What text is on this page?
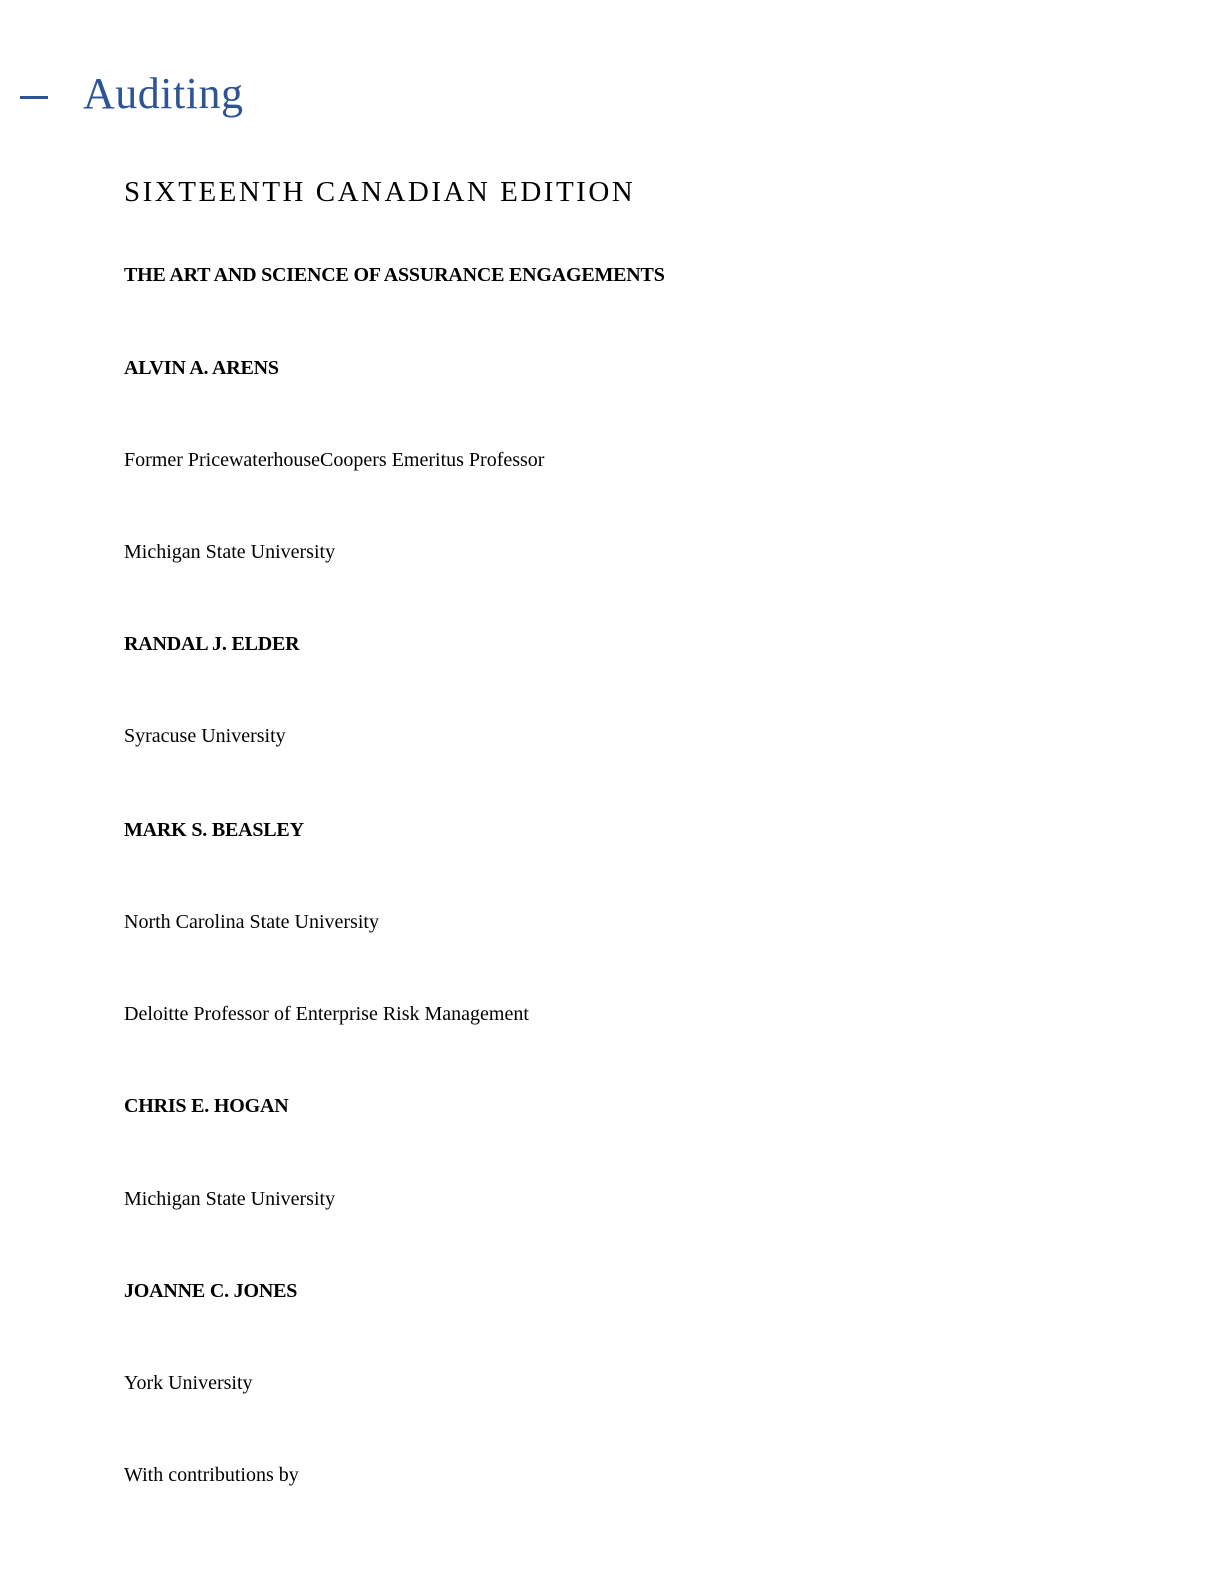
Auditing
SIXTEENTH CANADIAN EDITION
THE ART AND SCIENCE OF ASSURANCE ENGAGEMENTS
ALVIN A. ARENS
Former PricewaterhouseCoopers Emeritus Professor
Michigan State University
RANDAL J. ELDER
Syracuse University
MARK S. BEASLEY
North Carolina State University
Deloitte Professor of Enterprise Risk Management
CHRIS E. HOGAN
Michigan State University
JOANNE C. JONES
York University
With contributions by
